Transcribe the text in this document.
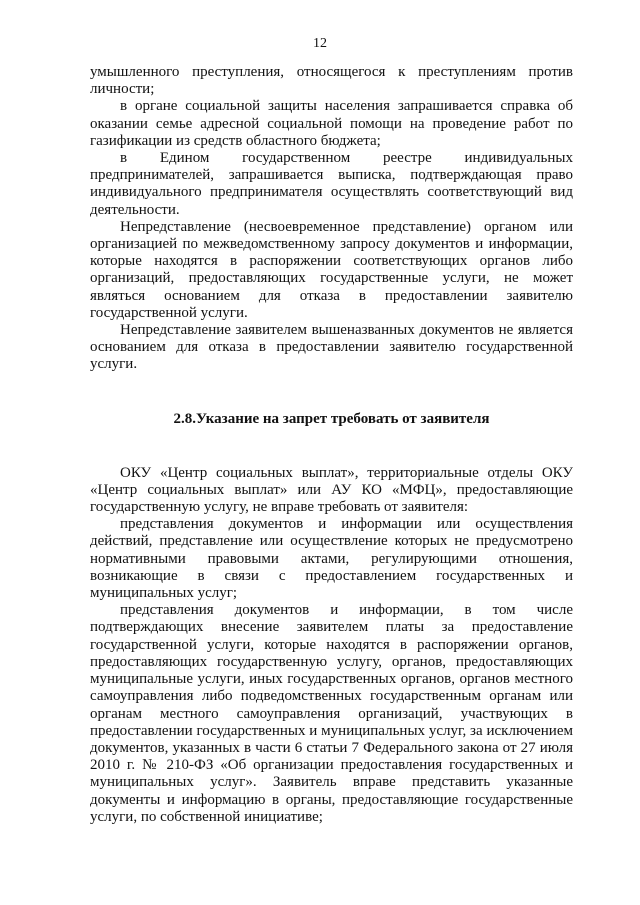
12

умышленного преступления, относящегося к преступлениям против личности;

в органе социальной защиты населения запрашивается справка об оказании семье адресной социальной помощи на проведение работ по газификации из средств областного бюджета;

в Едином государственном реестре индивидуальных предпринимателей, запрашивается выписка, подтверждающая право индивидуального предпринимателя осуществлять соответствующий вид деятельности.

Непредставление (несвоевременное представление) органом или организацией по межведомственному запросу документов и информации, которые находятся в распоряжении соответствующих органов либо организаций, предоставляющих государственные услуги, не может являться основанием для отказа в предоставлении заявителю государственной услуги.

Непредставление заявителем вышеназванных документов не является основанием для отказа в предоставлении заявителю государственной услуги.

2.8.Указание на запрет требовать от заявителя

ОКУ «Центр социальных выплат», территориальные отделы ОКУ «Центр социальных выплат» или АУ КО «МФЦ», предоставляющие государственную услугу, не вправе требовать от заявителя:

представления документов и информации или осуществления действий, представление или осуществление которых не предусмотрено нормативными правовыми актами, регулирующими отношения, возникающие в связи с предоставлением государственных и муниципальных услуг;

представления документов и информации, в том числе подтверждающих внесение заявителем платы за предоставление государственной услуги, которые находятся в распоряжении органов, предоставляющих государственную услугу, органов, предоставляющих муниципальные услуги, иных государственных органов, органов местного самоуправления либо подведомственных государственным органам или органам местного самоуправления организаций, участвующих в предоставлении государственных и муниципальных услуг, за исключением документов, указанных в части 6 статьи 7 Федерального закона от 27 июля 2010 г. № 210-ФЗ «Об организации предоставления государственных и муниципальных услуг». Заявитель вправе представить указанные документы и информацию в органы, предоставляющие государственные услуги, по собственной инициативе;
